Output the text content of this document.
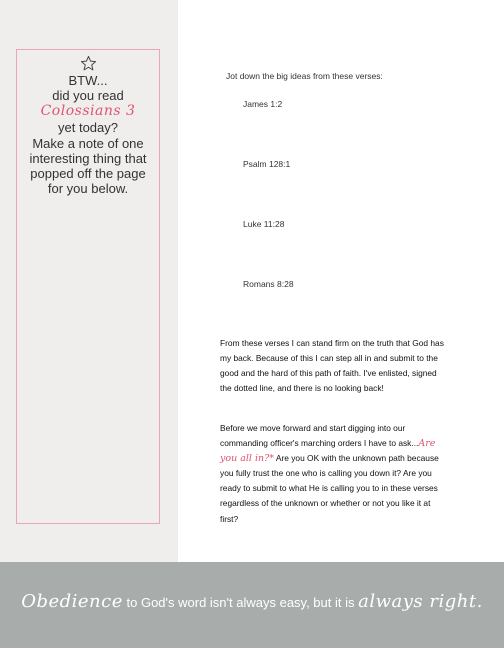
BTW...
did you read
Colossians 3
yet today?
Make a note of one interesting thing that popped off the page for you below.

Jot down the big ideas from these verses:

James 1:2

Psalm 128:1

Luke 11:28

Romans 8:28

From these verses I can stand firm on the truth that God has my back. Because of this I can step all in and submit to the good and the hard of this path of faith. I've enlisted, signed the dotted line, and there is no looking back!

Before we move forward and start digging into our commanding officer's marching orders I have to ask...Are you all in?* Are you OK with the unknown path because you fully trust the one who is calling you down it? Are you ready to submit to what He is calling you to in these verses regardless of the unknown or whether or not you like it at first?

Obedience to God's word isn't always easy, but it is always right.
